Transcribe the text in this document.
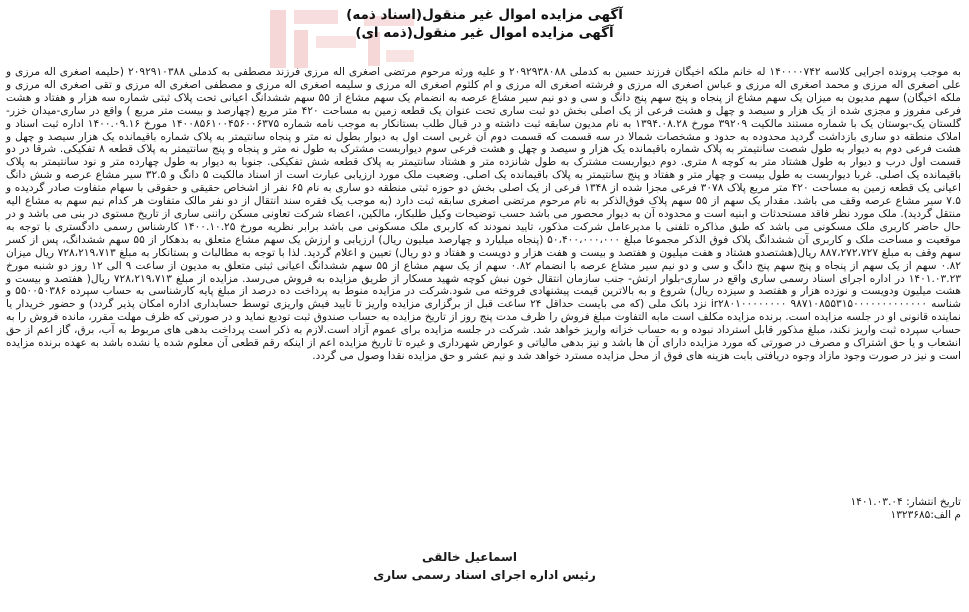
آگهی مزایده اموال غیر منقول(اسناد ذمه)
آگهی مزایده اموال غیر منقول(ذمه ای)

به موجب پرونده اجرایی کلاسه ۱۴۰۰۰۰۷۴۲ له خانم ملکه اخیگان فرزند حسین به کدملی ۲۰۹۲۹۳۸۰۸۸ و علیه ورثه مرحوم مرتضی اصغری اله مرزی فرزند مصطفی به کدملی ۲۰۹۲۹۱۰۳۸۸ (حلیمه اصغری اله مرزی و علی اصغری اله مرزی و محمد اصغری اله مرزی و عباس اصغری اله مرزی و فرشته اصغری اله مرزی و ام کلثوم اصغری اله مرزی و سلیمه اصغری اله مرزی و مصطفی اصغری اله مرزی و تقی اصغری اله مرزی و ملکه اخیگان) سهم مدیون به میزان یک سهم مشاع از پنجاه و پنج سهم پنج دانگ و سی و دو نیم سیر مشاع عرصه به انضمام یک سهم مشاع از ۵۵ سهم ششدانگ اعیانی تحت پلاک ثبتی شماره سه هزار و هفتاد و هشت فرعی مفروز و مجزی شده از یک هزار و سیصد و چهل و هشت فرعی از یک اصلی بخش دو ثبت ساری تحت عنوان یک قطعه زمین به مساحت ۴۲۰ متر مربع (چهارصد و بیست متر مربع ) واقع در ساری-میدان خزر-گلستان یک-بوستان یک با شماره مستند مالکیت ۳۹۲۰۹ مورخ ۱۳۹۴.۰۸.۲۸ به نام مدیون سابقه ثبت داشته و در قبال طلب بستانکار به موجب نامه شماره ۱۴۰۰۸۵۶۱۰۰۴۵۶۰۰۶۳۷۵ مورخ ۱۴۰۰.۰۹.۱۶ اداره ثبت اسناد و املاک منطقه دو ساری بازداشت گردید محدوده به حدود و مشخصات شمالا در سه قسمت که قسمت دوم آن غربی است اول به دیوار بطول نه متر و پنجاه سانتیمتر به پلاک شماره باقیمانده یک هزار سیصد و چهل و هشت فرعی دوم به دیوار به طول شصت سانتیمتر به پلاک شماره باقیمانده یک هزار و سیصد و چهل و هشت فرعی سوم دیواربست مشترک به طول نه متر و پنجاه و پنج سانتیمتر به پلاک قطعه ۸ تفکیکی. شرقا در دو قسمت اول درب و دیوار به طول هشتاد متر به کوچه ۸ متری. دوم دیواربست مشترک به طول شانزده متر و هشتاد سانتیمتر به پلاک قطعه شش تفکیکی. جنوبا به دیوار به طول چهارده متر و نود سانتیمتر به پلاک باقیمانده یک اصلی. غربا دیواربست به طول بیست و چهار متر و هفتاد و پنج سانتیمتر به پلاک باقیمانده یک اصلی. وضعیت ملک مورد ارزیابی عبارت است از اسناد مالکیت ۵ دانگ و ۳۲.۵ سیر مشاع عرصه و شش دانگ اعیانی یک قطعه زمین به مساحت ۴۲۰ متر مربع پلاک ۳۰۷۸ فرعی مجزا شده از ۱۳۴۸ فرعی از یک اصلی بخش دو حوزه ثبتی منطقه دو ساری به نام ۶۵ نفر از اشخاص حقیقی و حقوقی با سهام متفاوت صادر گردیده و ۷.۵ سیر مشاع عرصه وقف می باشد. مقدار یک سهم از ۵۵ سهم پلاک فوق‌الذکر به نام مرحوم مرتضی اصغری سابقه ثبت دارد (به موجب یک فقره سند انتقال از دو نفر مالک متفاوت هر کدام نیم سهم به مشاع الیه منتقل گردید). ملک مورد نظر فاقد مستحدثات و ابنیه است و محدوده آن به دیوار محصور می باشد حسب توضیحات وکیل طلبکار، مالکین، اعضاء شرکت تعاونی مسکن راننی ساری از تاریخ مستوی در بنی می باشد و در حال حاضر کاربری ملک مسکونی می باشد که طبق مذاکره تلفنی با مدیرعامل شرکت مذکور، تایید نمودند که کاربری ملک مسکونی می باشد برابر نظریه مورخ ۱۴۰۰.۱۰.۲۵ کارشناس رسمی دادگستری با توجه به موقعیت و مساحت ملک و کاربری آن ششدانگ پلاک فوق الذکر مجموعا مبلغ ۵۰،۴۰۰،۰۰۰،۰۰۰ (پنجاه میلیارد و چهارصد میلیون ریال) ارزیابی و ارزش یک سهم مشاع متعلق به بدهکار از ۵۵ سهم ششدانگ، پس از کسر سهم وقف به مبلغ ۸۸۷،۲۷۲،۷۲۷ ریال(هشتصدو هشتاد و هفت میلیون و هفتصد و بیست و هفت هزار و دویست و هفتاد و دو ریال) تعیین و اعلام گردید. لذا با توجه به مطالبات و بستانکار به مبلغ ۷۲۸،۲۱۹،۷۱۳ ریال میزان ۰.۸۲ سهم از یک سهم از پنجاه و پنج سهم پنج دانگ و سی و دو نیم سیر مشاع عرصه با انضمام ۰.۸۲ سهم از یک سهم مشاع از ۵۵ سهم ششدانگ اعیانی ثبتی متعلق به مدیون از ساعت ۹ الی ۱۲ روز دو شنبه مورخ ۱۴۰۱.۰۳.۲۳ در اداره اجرای اسناد رسمی ساری واقع در ساری-بلوار ارتش- جنب سازمان انتقال خون نبش کوچه شهید مسکار از طریق مزایده به فروش می‌رسد. مزایده از مبلغ ۷۲۸،۲۱۹،۷۱۳ ریال( هفتصد و بیست و هشت میلیون ودویست و نوزده هزار و هفتصد و سیزده ریال) شروع و به بالاترین قیمت پیشنهادی فروخته می شود.شرکت در مزایده منوط به پرداخت ده درصد از مبلغ پایه کارشناسی به حساب سپرده ۵۵۰۰۵۰۳۸۶ و شناسه ۹۸۷۱۰۸۵۵۳۱۵۰۰۰۰۰۰۰۰۰۰۰۰۰ ir۲۸۰۱۰۰۰۰۰۰۰۰ نزد بانک ملی (که می بایست حداقل ۲۴ ساعت قبل از برگزاری مزایده واریز تا تایید فیش واریزی توسط حسابداری اداره امکان پذیر گردد) و حضور خریدار یا نماینده قانونی او در جلسه مزایده است. برنده مزایده مکلف است مابه التفاوت مبلغ فروش را ظرف مدت پنج روز از تاریخ مزایده به حساب صندوق ثبت تودیع نماید و در صورتی که ظرف مهلت مقرر، مانده فروش را به حساب سپرده ثبت واریز نکند، مبلغ مذکور قابل استرداد نبوده و به حساب خزانه واریز خواهد شد. شرکت در جلسه مزایده برای عموم آزاد است.لازم به ذکر است پرداخت بدهی های مربوط به آب، برق، گاز اعم از حق انشعاب و یا حق اشتراک و مصرف در صورتی که مورد مزایده دارای آن ها باشد و نیز بدهی مالیاتی و عوارض شهرداری و غیره تا تاریخ مزایده اعم از اینکه رقم قطعی آن معلوم شده یا نشده باشد به عهده برنده مزایده است و نیز در صورت وجود مازاد وجوه دریافتی بابت هزینه های فوق از محل مزایده مسترد خواهد شد و نیم عشر و حق مزایده نقدا وصول می گردد.

تاریخ انتشار: ۱۴۰۱.۰۳.۰۴
م الف:۱۳۲۳۶۸۵
اسماعیل خالقی
رئیس اداره اجرای اسناد رسمی ساری
